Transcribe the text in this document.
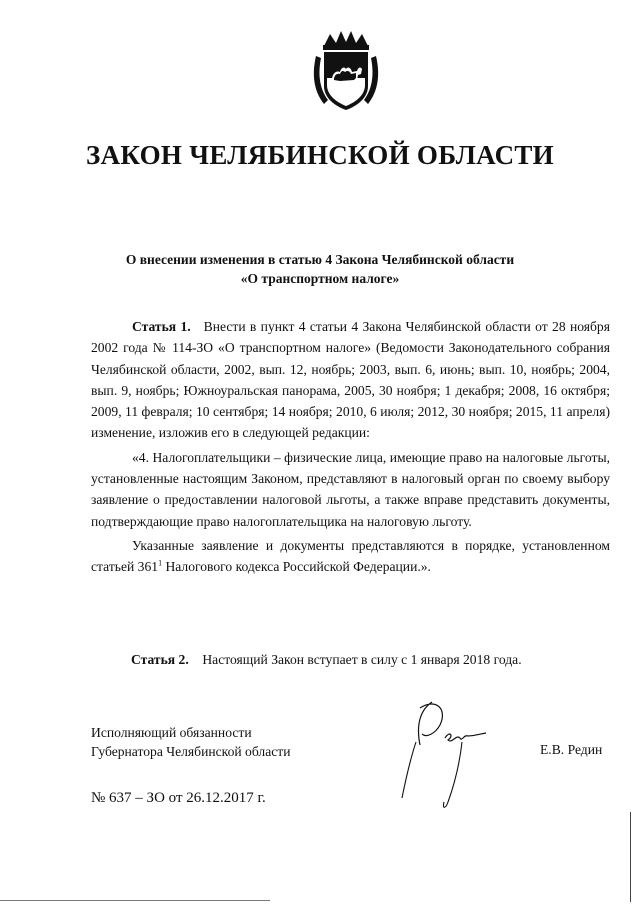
ЗАКОН ЧЕЛЯБИНСКОЙ ОБЛАСТИ
О внесении изменения в статью 4 Закона Челябинской области
«О транспортном налоге»

Статья 1. Внести в пункт 4 статьи 4 Закона Челябинской области от 28 ноября 2002 года № 114-ЗО «О транспортном налоге» (Ведомости Законодательного собрания Челябинской области, 2002, вып. 12, ноябрь; 2003, вып. 6, июнь; вып. 10, ноябрь; 2004, вып. 9, ноябрь; Южноуральская панорама, 2005, 30 ноября; 1 декабря; 2008, 16 октября; 2009, 11 февраля; 10 сентября; 14 ноября; 2010, 6 июля; 2012, 30 ноября; 2015, 11 апреля) изменение, изложив его в следующей редакции:

«4. Налогоплательщики – физические лица, имеющие право на налоговые льготы, установленные настоящим Законом, представляют в налоговый орган по своему выбору заявление о предоставлении налоговой льготы, а также вправе представить документы, подтверждающие право налогоплательщика на налоговую льготу.

Указанные заявление и документы представляются в порядке, установленном статьей $361^1$ Налогового кодекса Российской Федерации.».

Статья 2. Настоящий Закон вступает в силу с 1 января 2018 года.
Исполняющий обязанности
Губернатора Челябинской области	Е.В. Редин
№ 637 – ЗО от 26.12.2017 г.
